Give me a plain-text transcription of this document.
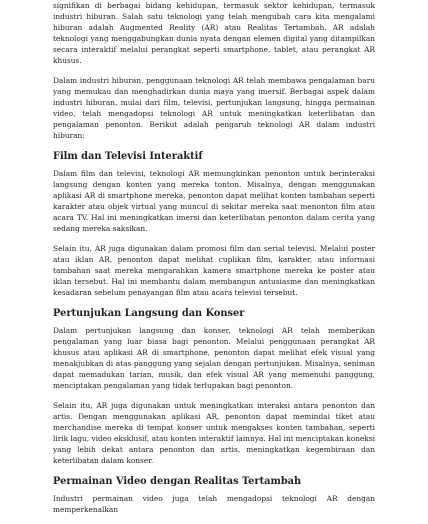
signifikan di berbagai bidang kehidupan, termasuk sektor kehidupan, termasuk industri hiburan. Salah satu teknologi yang telah mengubah cara kita mengalami hiburan adalah Augmented Reality (AR) atau Realitas Tertambah. AR adalah teknologi yang menggabungkan dunia nyata dengan elemen digital yang ditampilkan secara interaktif melalui perangkat seperti smartphone, tablet, atau perangkat AR khusus.

Dalam industri hiburan, penggunaan teknologi AR telah membawa pengalaman baru yang memukau dan menghadirkan dunia maya yang imersif. Berbagai aspek dalam industri hiburan, mulai dari film, televisi, pertunjukan langsung, hingga permainan video, telah mengadopsi teknologi AR untuk meningkatkan keterlibatan dan pengalaman penonton. Berikut adalah pengaruh teknologi AR dalam industri hiburan:

Film dan Televisi Interaktif

Dalam film dan televisi, teknologi AR memungkinkan penonton untuk berinteraksi langsung dengan konten yang mereka tonton. Misalnya, dengan menggunakan aplikasi AR di smartphone mereka, penonton dapat melihat konten tambahan seperti karakter atau objek virtual yang muncul di sekitar mereka saat menonton film atau acara TV. Hal ini meningkatkan imersi dan keterlibatan penonton dalam cerita yang sedang mereka saksikan.

Selain itu, AR juga digunakan dalam promosi film dan serial televisi. Melalui poster atau iklan AR, penonton dapat melihat cuplikan film, karakter, atau informasi tambahan saat mereka mengarahkan kamera smartphone mereka ke poster atau iklan tersebut. Hal ini membantu dalam membangun antusiasme dan meningkatkan kesadaran sebelum penayangan film atau acara televisi tersebut.

Pertunjukan Langsung dan Konser

Dalam pertunjukan langsung dan konser, teknologi AR telah memberikan pengalaman yang luar biasa bagi penonton. Melalui penggunaan perangkat AR khusus atau aplikasi AR di smartphone, penonton dapat melihat efek visual yang menakjubkan di atas panggung yang sejalan dengan pertunjukan. Misalnya, seniman dapat memadukan tarian, musik, dan efek visual AR yang memenuhi panggung, menciptakan pengalaman yang tidak terlupakan bagi penonton.

Selain itu, AR juga digunakan untuk meningkatkan interaksi antara penonton dan artis. Dengan menggunakan aplikasi AR, penonton dapat memindai tiket atau merchandise mereka di tempat konser untuk mengakses konten tambahan, seperti lirik lagu, video eksklusif, atau konten interaktif lainnya. Hal ini menciptakan koneksi yang lebih dekat antara penonton dan artis, meningkatkan kegembiraan dan keterlibatan dalam konser.

Permainan Video dengan Realitas Tertambah

Industri permainan video juga telah mengadopsi teknologi AR dengan memperkenalkan
